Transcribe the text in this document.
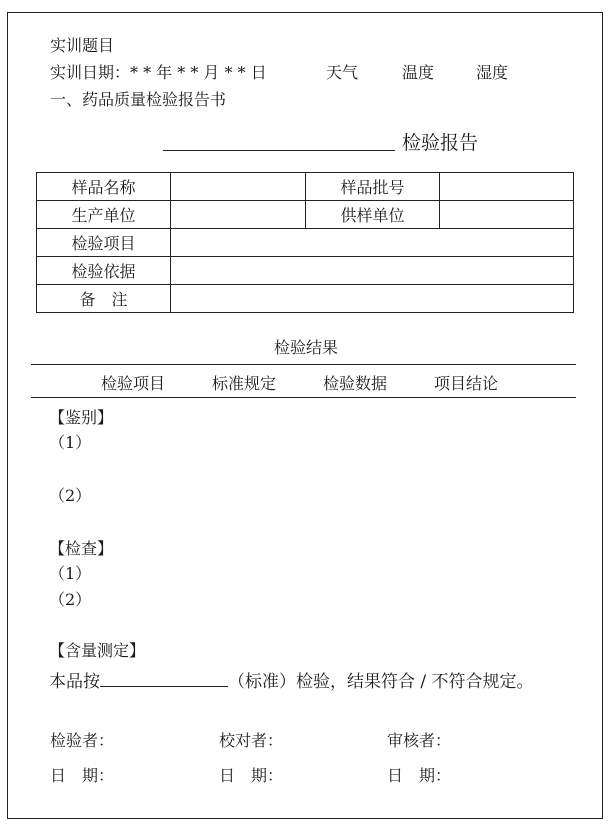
实训题目
实训日期：* * 年 * * 月 * * 日	天气	温度	湿度
一、药品质量检验报告书
检验报告
样品名称		样品批号	
生产单位		供样单位	
检验项目			
检验依据			
备　注			
检验结果
检验项目	标准规定	检验数据	项目结论
【鉴别】
（1）
（2）
【检查】
（1）
（2）
【含量测定】
本品按	（标准）检验，结果符合 / 不符合规定。
检验者：	校对者：	审核者：
日　期：	日　期：	日　期：
